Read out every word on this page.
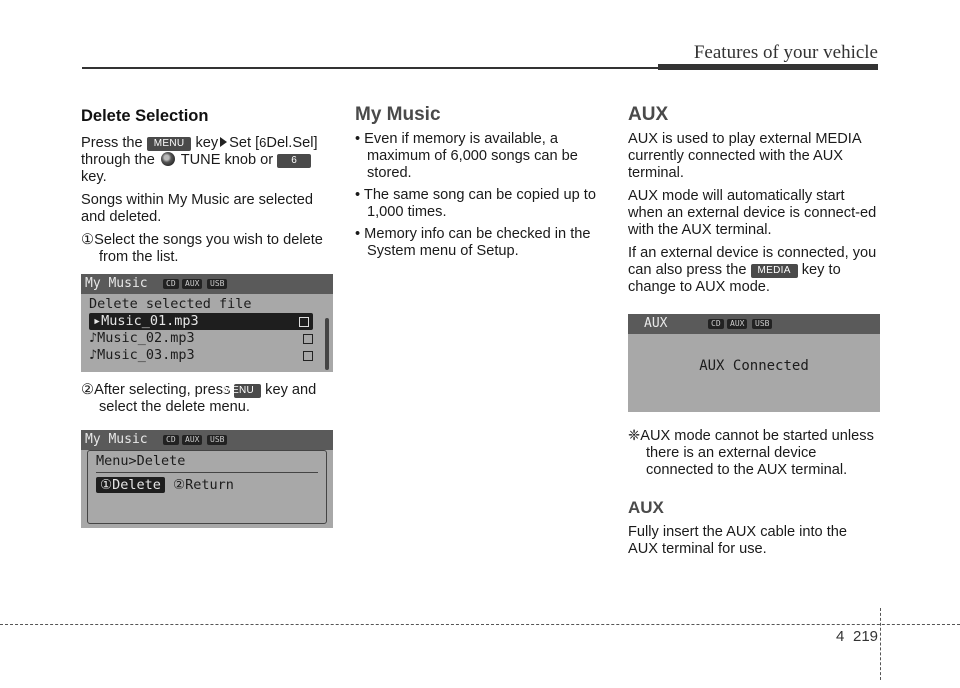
Features of your vehicle
Delete Selection

Press the MENU key Set [6Del.Sel]
through the TUNE knob or 6
key.

Songs within My Music are selected and deleted.

①Select the songs you wish to delete from the list.

My Music	CD	AUX	USB
Delete selected file
▸Music_01.mp3
♪Music_02.mp3
♪Music_03.mp3

②After selecting, press MENU key and select the delete menu.

My Music	CD	AUX	USB
Menu>Delete
①Delete ②Return
My Music

• Even if memory is available, a maximum of 6,000 songs can be stored.

• The same song can be copied up to 1,000 times.

• Memory info can be checked in the System menu of Setup.

AUX

AUX is used to play external MEDIA currently connected with the AUX terminal.

AUX mode will automatically start when an external device is connect-ed with the AUX terminal.

If an external device is connected, you can also press the MEDIA key to change to AUX mode.

AUX	CD	AUX	USB
AUX Connected

❈AUX mode cannot be started unless there is an external device connected to the AUX terminal.

AUX

Fully insert the AUX cable into the AUX terminal for use.

4 219
